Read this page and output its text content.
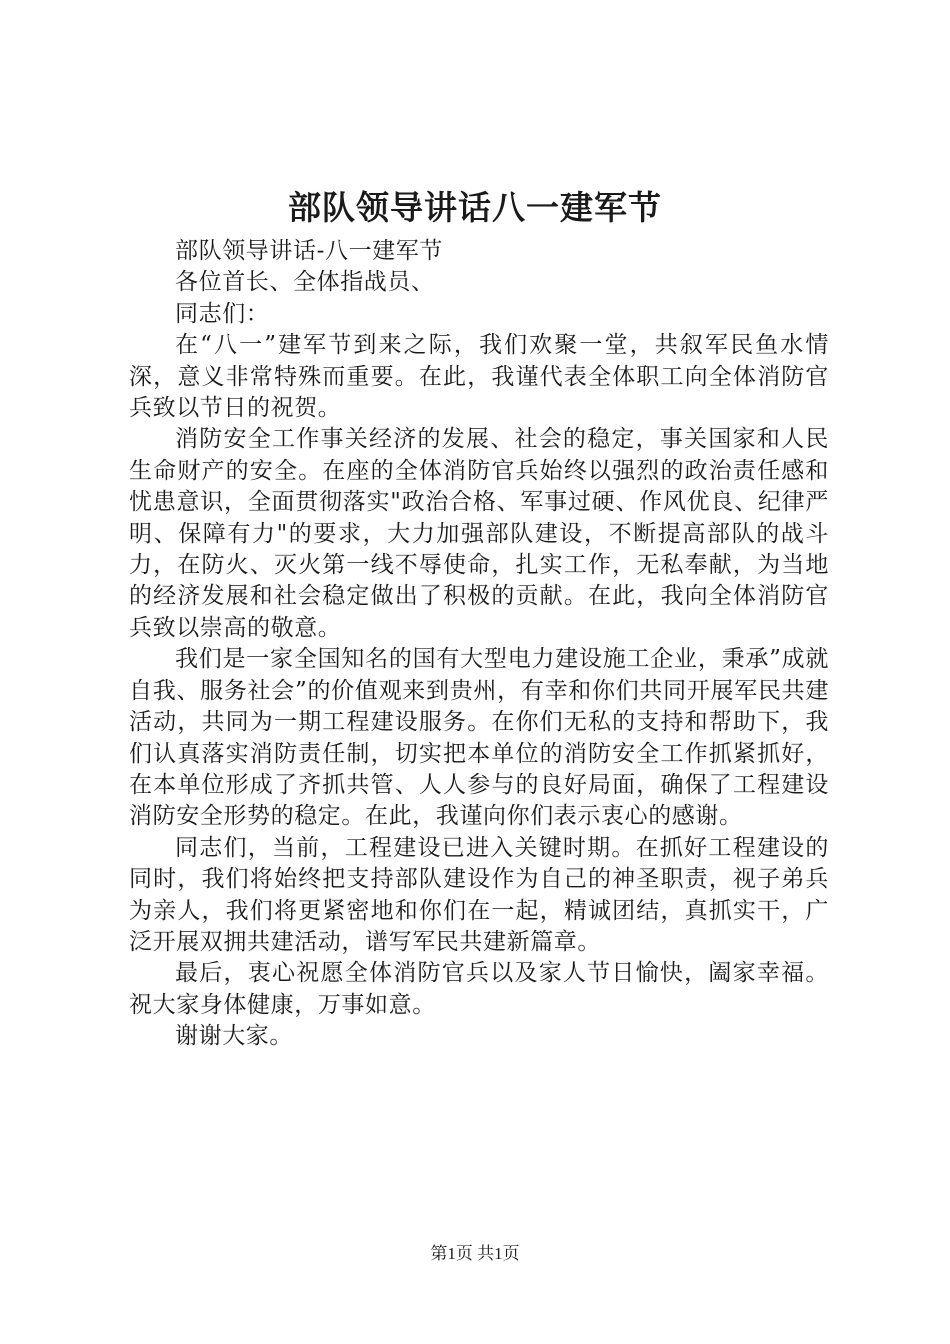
部队领导讲话八一建军节

部队领导讲话-八一建军节

各位首长、全体指战员、

同志们：

在“八一”建军节到来之际，我们欢聚一堂，共叙军民鱼水情深，意义非常特殊而重要。在此，我谨代表全体职工向全体消防官兵致以节日的祝贺。

消防安全工作事关经济的发展、社会的稳定，事关国家和人民生命财产的安全。在座的全体消防官兵始终以强烈的政治责任感和忧患意识，全面贯彻落实"政治合格、军事过硬、作风优良、纪律严明、保障有力"的要求，大力加强部队建设，不断提高部队的战斗力，在防火、灭火第一线不辱使命，扎实工作，无私奉献，为当地的经济发展和社会稳定做出了积极的贡献。在此，我向全体消防官兵致以崇高的敬意。

我们是一家全国知名的国有大型电力建设施工企业，秉承”成就自我、服务社会”的价值观来到贵州，有幸和你们共同开展军民共建活动，共同为一期工程建设服务。在你们无私的支持和帮助下，我们认真落实消防责任制，切实把本单位的消防安全工作抓紧抓好，在本单位形成了齐抓共管、人人参与的良好局面，确保了工程建设消防安全形势的稳定。在此，我谨向你们表示衷心的感谢。

同志们，当前，工程建设已进入关键时期。在抓好工程建设的同时，我们将始终把支持部队建设作为自己的神圣职责，视子弟兵为亲人，我们将更紧密地和你们在一起，精诚团结，真抓实干，广泛开展双拥共建活动，谱写军民共建新篇章。

最后，衷心祝愿全体消防官兵以及家人节日愉快，阖家幸福。祝大家身体健康，万事如意。

谢谢大家。

第1页 共1页
